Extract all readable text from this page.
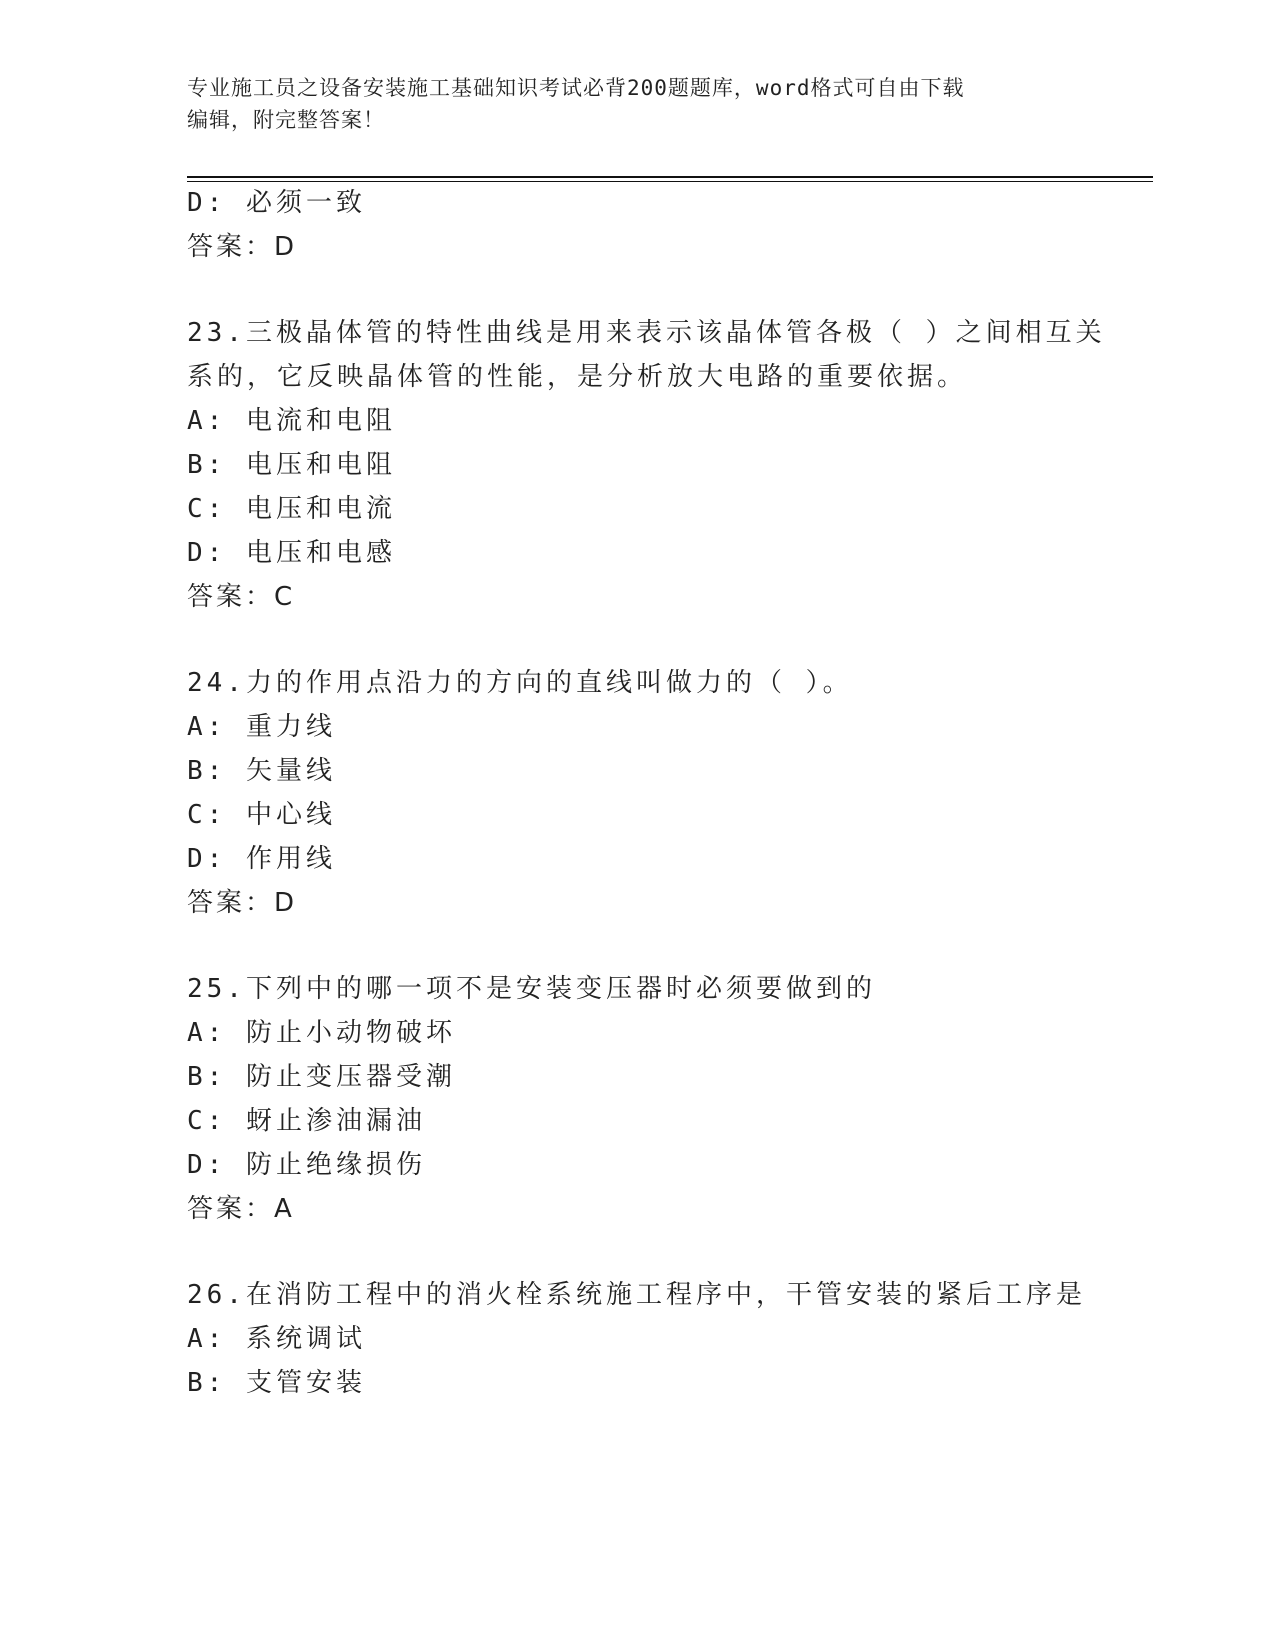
专业施工员之设备安装施工基础知识考试必背200题题库，word格式可自由下载
编辑，附完整答案！
D: 必须一致
答案：D
23.三极晶体管的特性曲线是用来表示该晶体管各极（ ）之间相互关
系的，它反映晶体管的性能，是分析放大电路的重要依据。
A: 电流和电阻
B: 电压和电阻
C: 电压和电流
D: 电压和电感
答案：C
24.力的作用点沿力的方向的直线叫做力的（ ）。
A: 重力线
B: 矢量线
C: 中心线
D: 作用线
答案：D
25.下列中的哪一项不是安装变压器时必须要做到的
A: 防止小动物破坏
B: 防止变压器受潮
C: 蚜止渗油漏油
D: 防止绝缘损伤
答案：A
26.在消防工程中的消火栓系统施工程序中，干管安装的紧后工序是
A: 系统调试
B: 支管安装
